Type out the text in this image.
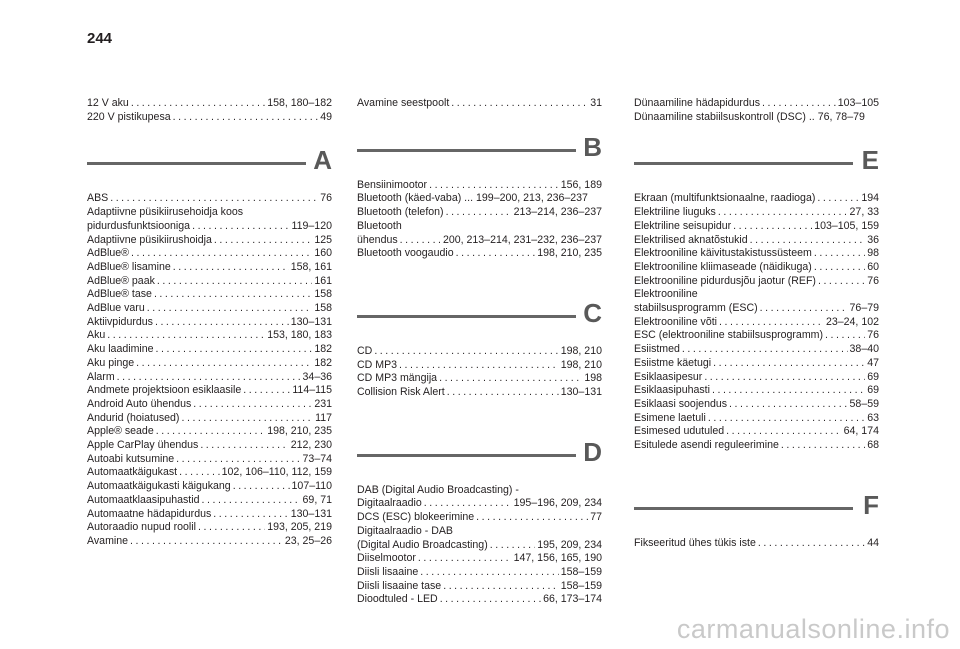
244
12 V aku . . .	158, 180–182
220 V pistikupesa . . .	49
A
ABS . . .	76
Adaptiivne püsikiirusehoidja koos
pidurdusfunktsiooniga . . .	119–120
Adaptiivne püsikiirushoidja . . .	125
AdBlue® . . .	160
AdBlue® lisamine . . .	158, 161
AdBlue® paak . . .	161
AdBlue® tase . . .	158
AdBlue varu . . .	158
Aktiivpidurdus . . .	130–131
Aku . . .	153, 180, 183
Aku laadimine . . .	182
Aku pinge . . .	182
Alarm . . .	34–36
Andmete projektsioon esiklaasile . . .	114–115
Android Auto ühendus . . .	231
Andurid (hoiatused) . . .	117
Apple® seade . . .	198, 210, 235
Apple CarPlay ühendus . . .	212, 230
Autoabi kutsumine . . .	73–74
Automaatkäigukast . . .	102, 106–110, 112, 159
Automaatkäigukasti käigukang . . .	107–110
Automaatklaasipuhastid . . .	69, 71
Automaatne hädapidurdus . . .	130–131
Autoraadio nupud roolil . . .	193, 205, 219
Avamine . . .	23, 25–26
Avamine seestpoolt . . .	31
B
Bensiinimootor . . .	156, 189
Bluetooth (käed-vaba) ... 199–200, 213, 236–237
Bluetooth (telefon) . . .	213–214, 236–237
Bluetooth
ühendus . . .	200, 213–214, 231–232, 236–237
Bluetooth voogaudio . . .	198, 210, 235
C
CD . . .	198, 210
CD MP3 . . .	198, 210
CD MP3 mängija . . .	198
Collision Risk Alert . . .	130–131
D
DAB (Digital Audio Broadcasting) -
Digitaalraadio . . .	195–196, 209, 234
DCS (ESC) blokeerimine . . .	77
Digitaalraadio - DAB
(Digital Audio Broadcasting) . . .	195, 209, 234
Diiselmootor . . .	147, 156, 165, 190
Diisli lisaaine . . .	158–159
Diisli lisaaine tase . . .	158–159
Dioodtuled - LED . . .	66, 173–174
Dünaamiline hädapidurdus . . .	103–105
Dünaamiline stabiilsuskontroll (DSC) .. 76, 78–79
E
Ekraan (multifunktsionaalne, raadioga) . . .	194
Elektriline liuguks . . .	27, 33
Elektriline seisupidur . . .	103–105, 159
Elektrilised aknatõstukid . . .	36
Elektrooniline käivitustakistussüsteem . . .	98
Elektrooniline kliimaseade (näidikuga) . . .	60
Elektrooniline pidurdusjõu jaotur (REF) . . .	76
Elektrooniline
stabiilsusprogramm (ESC) . . .	76–79
Elektrooniline võti . . .	23–24, 102
ESC (elektrooniline stabiilsusprogramm) . . .	76
Esiistmed . . .	38–40
Esiistme käetugi . . .	47
Esiklaasipesur . . .	69
Esiklaasipuhasti . . .	69
Esiklaasi soojendus . . .	58–59
Esimene laetuli . . .	63
Esimesed udutuled . . .	64, 174
Esitulede asendi reguleerimine . . .	68
F
Fikseeritud ühes tükis iste . . .	44
carmanualsonline.info
